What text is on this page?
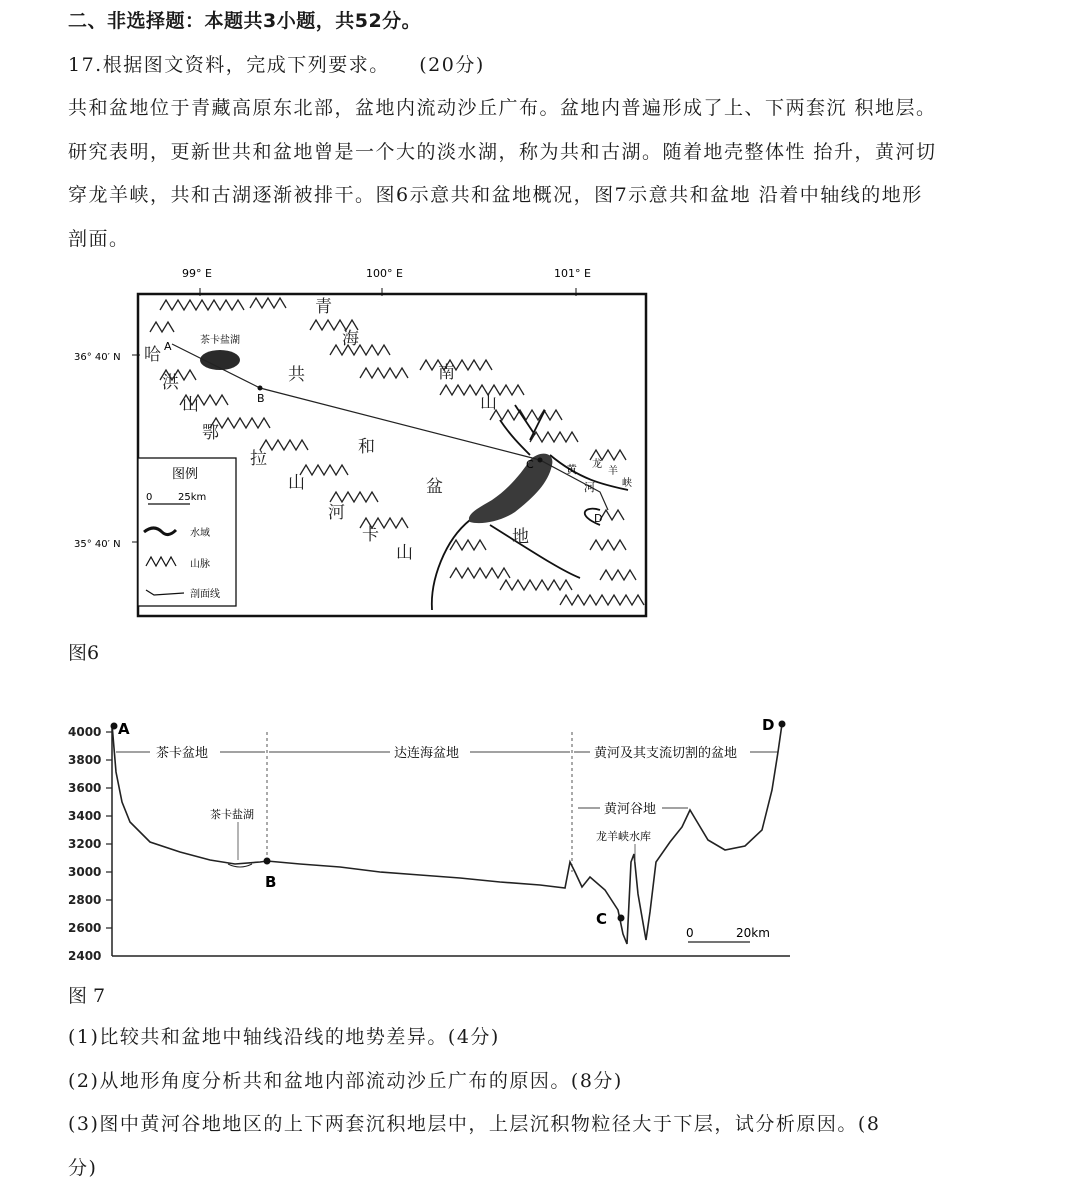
二、非选择题：本题共3小题，共52分。
17.根据图文资料，完成下列要求。 (20分)
共和盆地位于青藏高原东北部，盆地内流动沙丘广布。盆地内普遍形成了上、下两套沉 积地层。
研究表明，更新世共和盆地曾是一个大的淡水湖，称为共和古湖。随着地壳整体性 抬升，黄河切
穿龙羊峡，共和古湖逐渐被排干。图6示意共和盆地概况，图7示意共和盆地 沿着中轴线的地形
剖面。
99° E	100° E	101° E
36° 40′ N
35° 40′ N
A
B
C
D
茶卡盐湖
青
海
南
山
共
和
盆
地
鄂
拉
山
河
卡
山
黄
河
龙
羊
峡
哈
洪
山
图例
0	25km
水域
山脉
剖面线
图6
4000
3800
3600
3400
3200
3000
2800
2600
2400
茶卡盆地	达连海盆地	黄河及其支流切割的盆地
茶卡盐湖	黄河谷地
龙羊峡水库
A
B
C
D
0	20km
图 7
(1)比较共和盆地中轴线沿线的地势差异。(4分)
(2)从地形角度分析共和盆地内部流动沙丘广布的原因。(8分)
(3)图中黄河谷地地区的上下两套沉积地层中，上层沉积物粒径大于下层，试分析原因。(8
分)
